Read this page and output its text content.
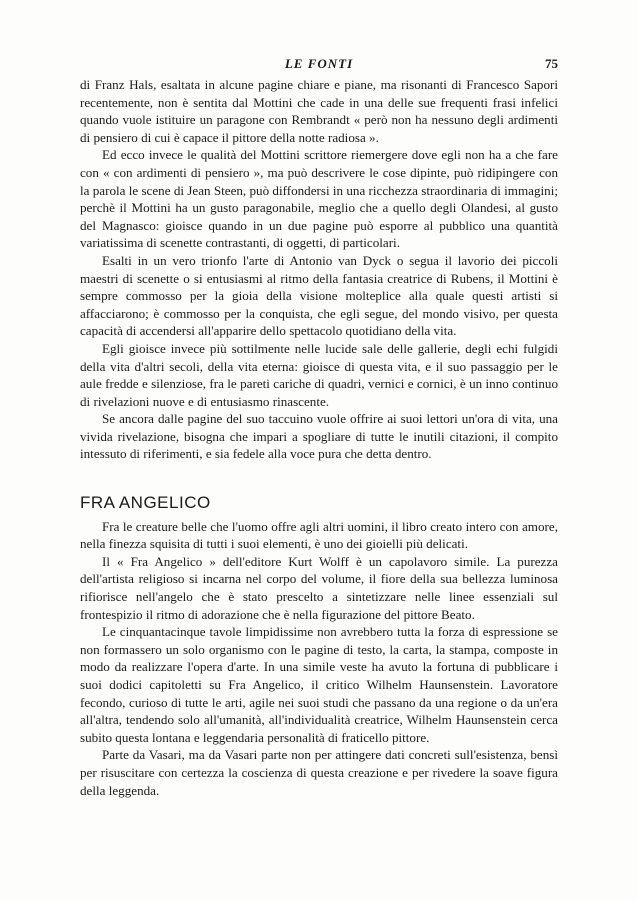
LE FONTI	75

di Franz Hals, esaltata in alcune pagine chiare e piane, ma risonanti di Francesco Sapori recentemente, non è sentita dal Mottini che cade in una delle sue frequenti frasi infelici quando vuole istituire un paragone con Rembrandt « però non ha nessuno degli ardimenti di pensiero di cui è capace il pittore della notte radiosa ».

Ed ecco invece le qualità del Mottini scrittore riemergere dove egli non ha a che fare con « con ardimenti di pensiero », ma può descrivere le cose dipinte, può ridipingere con la parola le scene di Jean Steen, può diffondersi in una ricchezza straordinaria di immagini; perchè il Mottini ha un gusto paragonabile, meglio che a quello degli Olandesi, al gusto del Magnasco: gioisce quando in un due pagine può esporre al pubblico una quantità variatissima di scenette contrastanti, di oggetti, di particolari.

Esalti in un vero trionfo l'arte di Antonio van Dyck o segua il lavorio dei piccoli maestri di scenette o si entusiasmi al ritmo della fantasia creatrice di Rubens, il Mottini è sempre commosso per la gioia della visione molteplice alla quale questi artisti si affacciarono; è commosso per la conquista, che egli segue, del mondo visivo, per questa capacità di accendersi all'apparire dello spettacolo quotidiano della vita.

Egli gioisce invece più sottilmente nelle lucide sale delle gallerie, degli echi fulgidi della vita d'altri secoli, della vita eterna: gioisce di questa vita, e il suo passaggio per le aule fredde e silenziose, fra le pareti cariche di quadri, vernici e cornici, è un inno continuo di rivelazioni nuove e di entusiasmo rinascente.

Se ancora dalle pagine del suo taccuino vuole offrire ai suoi lettori un'ora di vita, una vivida rivelazione, bisogna che impari a spogliare di tutte le inutili citazioni, il compito intessuto di riferimenti, e sia fedele alla voce pura che detta dentro.

FRA ANGELICO

Fra le creature belle che l'uomo offre agli altri uomini, il libro creato intero con amore, nella finezza squisita di tutti i suoi elementi, è uno dei gioielli più delicati.

Il « Fra Angelico » dell'editore Kurt Wolff è un capolavoro simile. La purezza dell'artista religioso si incarna nel corpo del volume, il fiore della sua bellezza luminosa rifiorisce nell'angelo che è stato prescelto a sintetizzare nelle linee essenziali sul frontespizio il ritmo di adorazione che è nella figurazione del pittore Beato.

Le cinquantacinque tavole limpidissime non avrebbero tutta la forza di espressione se non formassero un solo organismo con le pagine di testo, la carta, la stampa, composte in modo da realizzare l'opera d'arte. In una simile veste ha avuto la fortuna di pubblicare i suoi dodici capitoletti su Fra Angelico, il critico Wilhelm Haunsenstein. Lavoratore fecondo, curioso di tutte le arti, agile nei suoi studi che passano da una regione o da un'era all'altra, tendendo solo all'umanità, all'individualità creatrice, Wilhelm Haunsenstein cerca subito questa lontana e leggendaria personalità di fraticello pittore.

Parte da Vasari, ma da Vasari parte non per attingere dati concreti sull'esistenza, bensì per risuscitare con certezza la coscienza di questa creazione e per rivedere la soave figura della leggenda.
